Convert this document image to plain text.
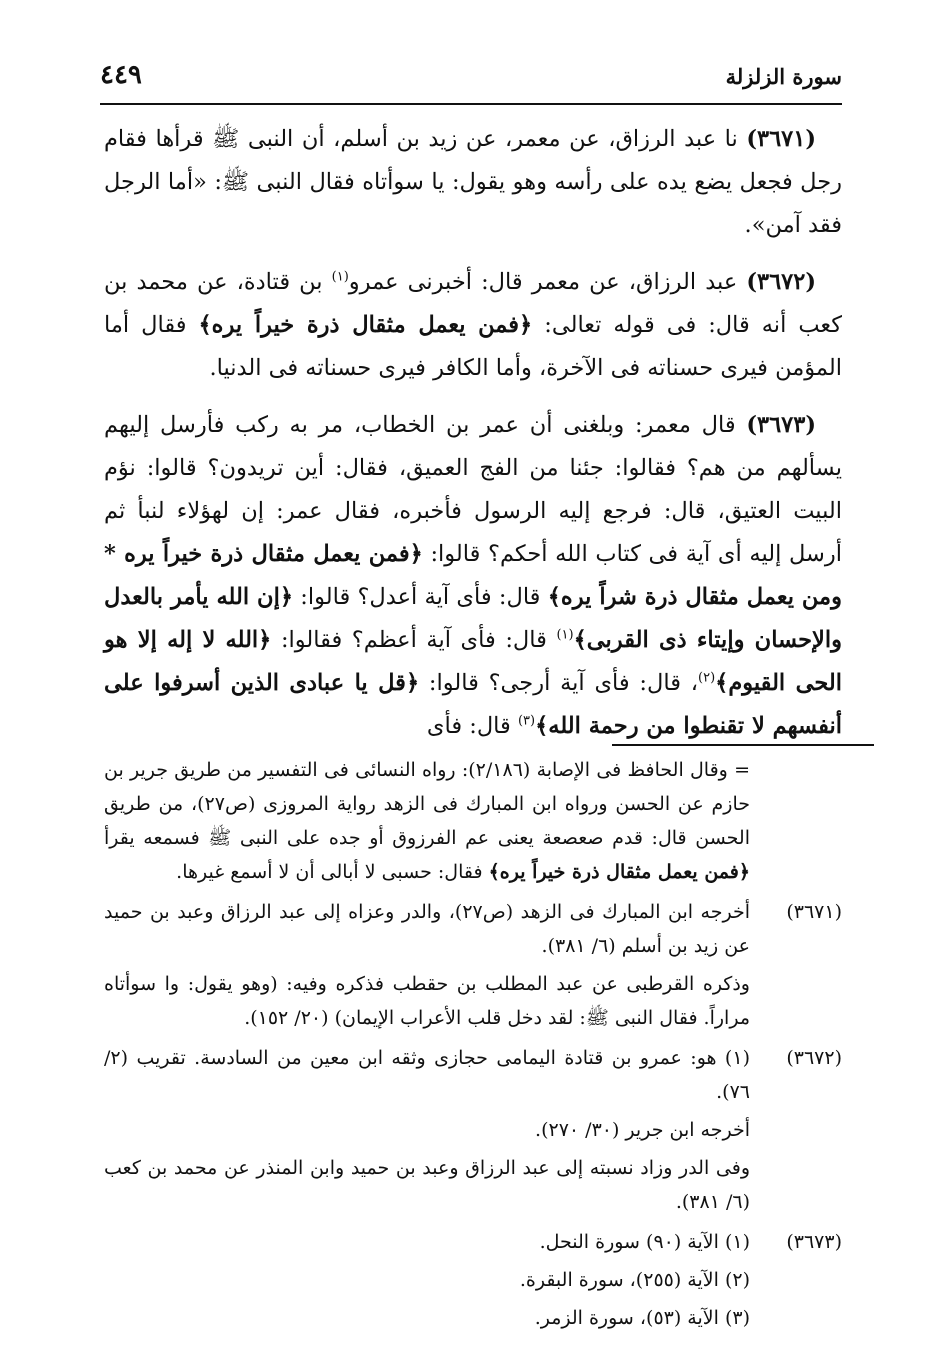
سورة الزلزلة
٤٤٩

(٣٦٧١) نا عبد الرزاق، عن معمر، عن زيد بن أسلم، أن النبى ﷺ قرأها فقام رجل فجعل يضع يده على رأسه وهو يقول: يا سوأتاه فقال النبى ﷺ: «أما الرجل فقد آمن».

(٣٦٧٢) عبد الرزاق، عن معمر قال: أخبرنى عمرو$^{(١)}$ بن قتادة، عن محمد بن كعب أنه قال: فى قوله تعالى: ﴿فمن يعمل مثقال ذرة خيراً يره﴾ فقال أما المؤمن فيرى حسناته فى الآخرة، وأما الكافر فيرى حسناته فى الدنيا.

(٣٦٧٣) قال معمر: وبلغنى أن عمر بن الخطاب، مر به ركب فأرسل إليهم يسألهم من هم؟ فقالوا: جئنا من الفج العميق، فقال: أين تريدون؟ قالوا: نؤم البيت العتيق، قال: فرجع إليه الرسول فأخبره، فقال عمر: إن لهؤلاء لنبأ ثم أرسل إليه أى آية فى كتاب الله أحكم؟ قالوا: ﴿فمن يعمل مثقال ذرة خيراً يره * ومن يعمل مثقال ذرة شراً يره﴾ قال: فأى آية أعدل؟ قالوا: ﴿إن الله يأمر بالعدل والإحسان وإيتاء ذى القربى﴾$^{(١)}$ قال: فأى آية أعظم؟ فقالوا: ﴿الله لا إله إلا هو الحى القيوم﴾$^{(٢)}$، قال: فأى آية أرجى؟ قالوا: ﴿قل يا عبادى الذين أسرفوا على أنفسهم لا تقنطوا من رحمة الله﴾$^{(٣)}$ قال: فأى

= وقال الحافظ فى الإصابة (٢/١٨٦): رواه النسائى فى التفسير من طريق جرير بن حازم عن الحسن ورواه ابن المبارك فى الزهد رواية المروزى (ص٢٧)، من طريق الحسن قال: قدم صعصعة يعنى عم الفرزوق أو جده على النبى ﷺ فسمعه يقرأ ﴿فمن يعمل مثقال ذرة خيراً يره﴾ فقال: حسبى لا أبالى أن لا أسمع غيرها.

(٣٦٧١)

أخرجه ابن المبارك فى الزهد (ص٢٧)، والدر وعزاه إلى عبد الرزاق وعبد بن حميد عن زيد بن أسلم (٦/ ٣٨١).

وذكره القرطبى عن عبد المطلب بن حقطب فذكره وفيه: (وهو يقول: وا سوأتاه مراراً. فقال النبى ﷺ: لقد دخل قلب الأعراب الإيمان) (٢٠/ ١٥٢).

(٣٦٧٢)

(١) هو: عمرو بن قتادة اليمامى حجازى وثقه ابن معين من السادسة. تقريب (٢/ ٧٦).

أخرجه ابن جرير (٣٠/ ٢٧٠).

وفى الدر وزاد نسبته إلى عبد الرزاق وعبد بن حميد وابن المنذر عن محمد بن كعب (٦/ ٣٨١).

(٣٦٧٣)

(١) الآية (٩٠) سورة النحل.

(٢) الآية (٢٥٥)، سورة البقرة.

(٣) الآية (٥٣)، سورة الزمر.
